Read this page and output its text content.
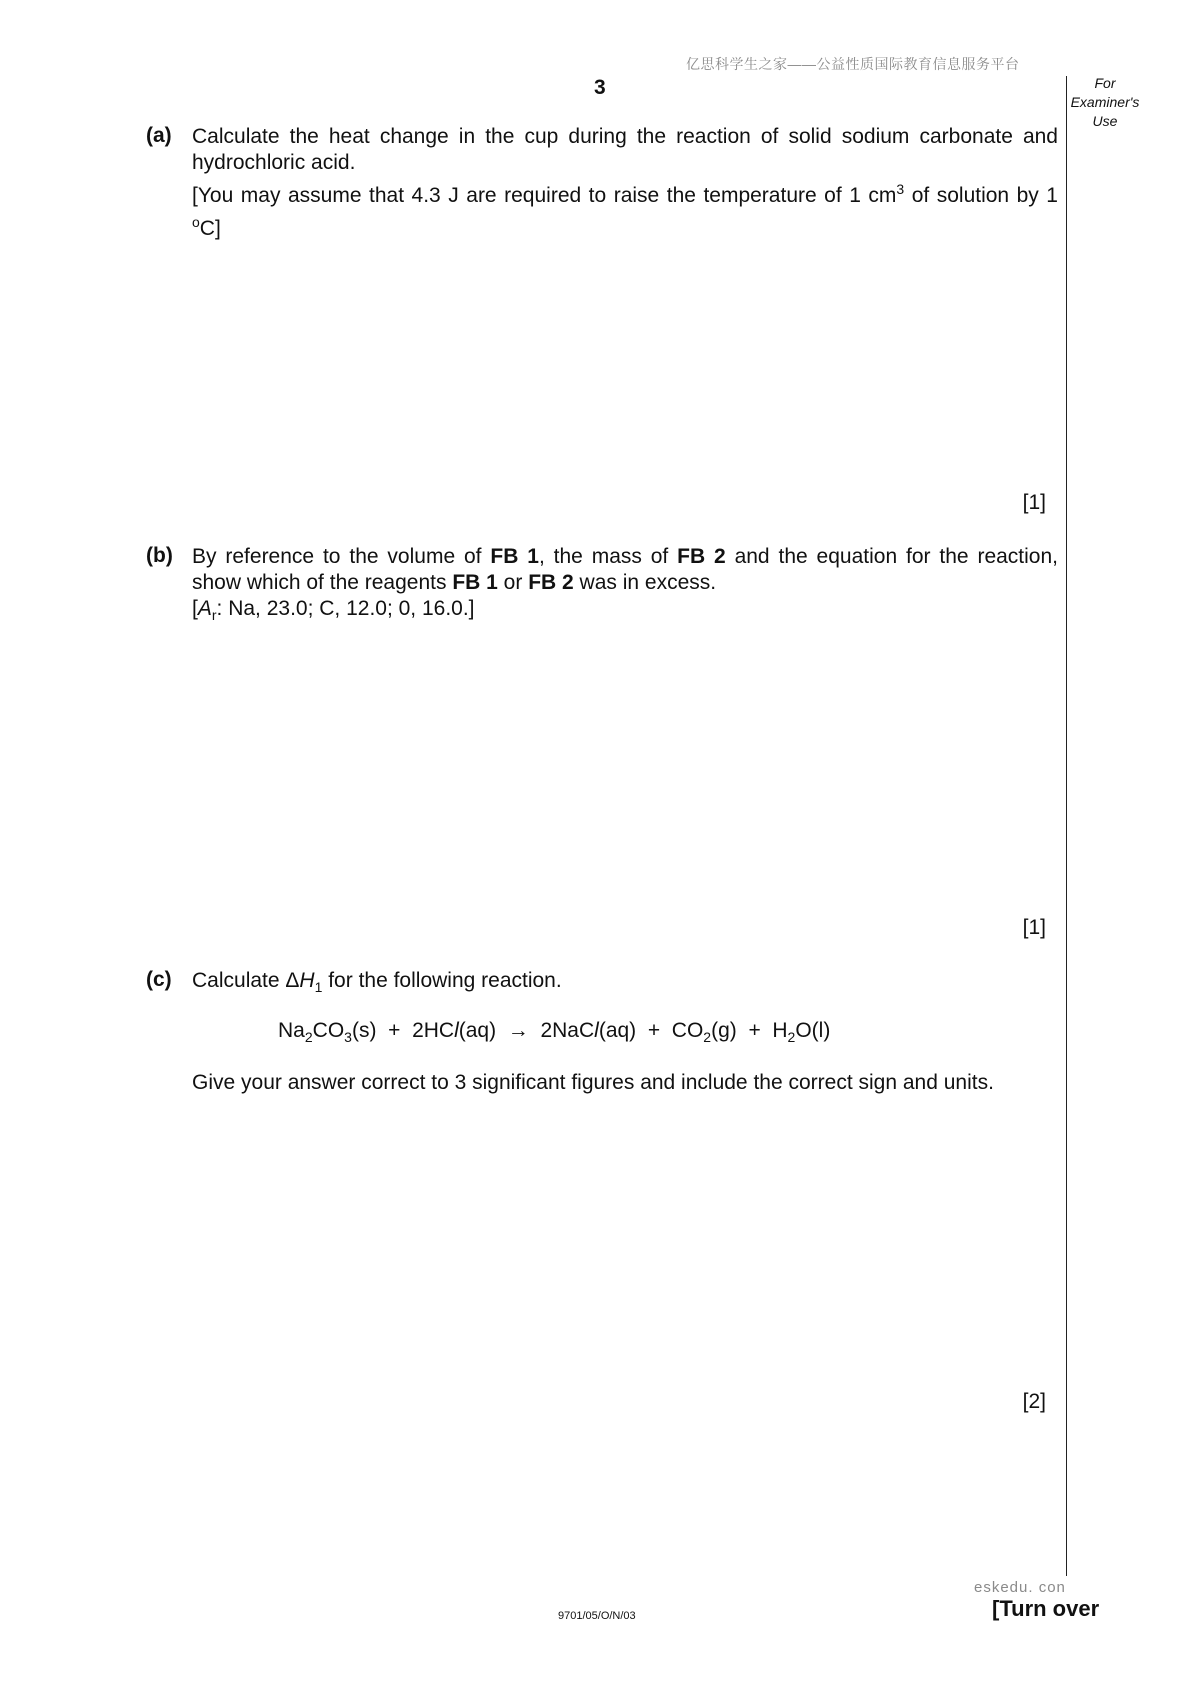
亿思科学生之家——公益性质国际教育信息服务平台
3	For
Examiner's
Use
(a) Calculate the heat change in the cup during the reaction of solid sodium carbonate and hydrochloric acid.

[You may assume that 4.3 J are required to raise the temperature of 1 $cm^3$ of solution by 1 $^o$C]

[1]
(b) By reference to the volume of FB 1, the mass of FB 2 and the equation for the reaction, show which of the reagents FB 1 or FB 2 was in excess.

[$A_r$: Na, 23.0; C, 12.0; 0, 16.0.]

[1]
(c) Calculate $\Delta H_1$ for the following reaction.
$Na_2CO_3(s) + 2HCl(aq)$ → 2NaCl(aq) + $CO_2(g) + H_2O(l)$
Give your answer correct to 3 significant figures and include the correct sign and units.
[2]
eskedu. con
9701/05/O/N/03	[Turn over
